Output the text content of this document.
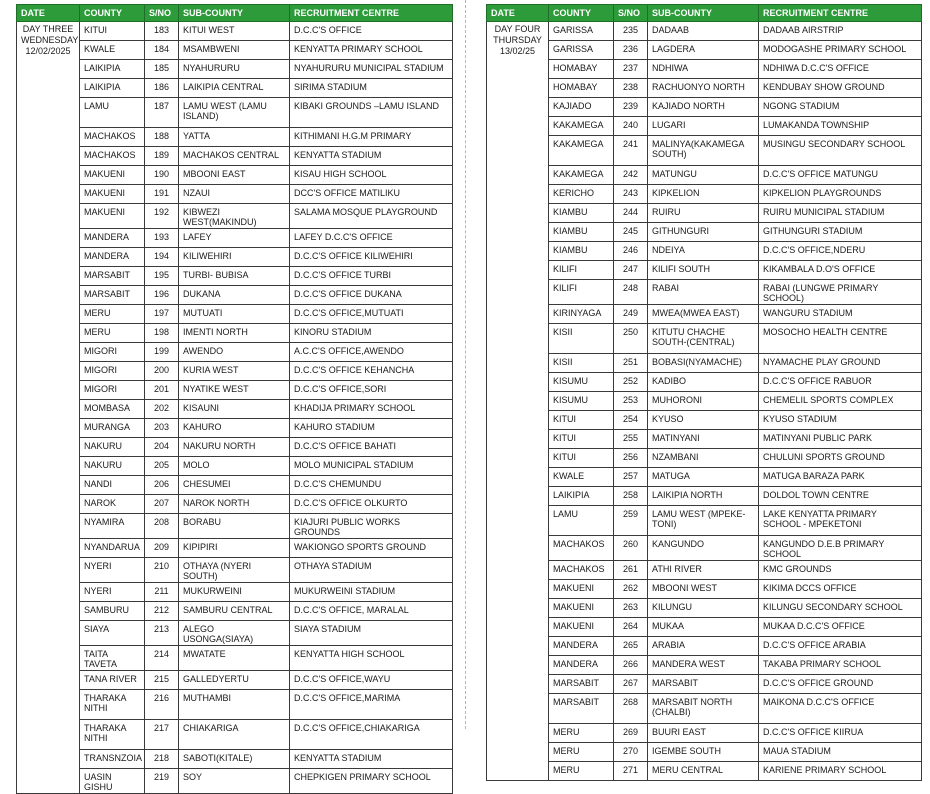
DATE	COUNTY	S/NO	SUB-COUNTY	RECRUITMENT CENTRE

DAY THREE
WEDNESDAY
12/02/2025	KITUI	183	KITUI WEST	D.C.C'S OFFICE
	KWALE	184	MSAMBWENI	KENYATTA PRIMARY SCHOOL
	LAIKIPIA	185	NYAHURURU	NYAHURURU MUNICIPAL STADIUM
	LAIKIPIA	186	LAIKIPIA CENTRAL	SIRIMA STADIUM
	LAMU	187	LAMU WEST (LAMU ISLAND)	KIBAKI GROUNDS –LAMU ISLAND
	MACHAKOS	188	YATTA	KITHIMANI H.G.M PRIMARY
	MACHAKOS	189	MACHAKOS CENTRAL	KENYATTA STADIUM
	MAKUENI	190	MBOONI EAST	KISAU HIGH SCHOOL
	MAKUENI	191	NZAUI	DCC'S OFFICE MATILIKU
	MAKUENI	192	KIBWEZI WEST(MAKINDU)	SALAMA MOSQUE PLAYGROUND
	MANDERA	193	LAFEY	LAFEY D.C.C'S OFFICE
	MANDERA	194	KILIWEHIRI	D.C.C'S OFFICE KILIWEHIRI
	MARSABIT	195	TURBI- BUBISA	D.C.C'S OFFICE TURBI
	MARSABIT	196	DUKANA	D.C.C'S OFFICE DUKANA
	MERU	197	MUTUATI	D.C.C'S OFFICE,MUTUATI
	MERU	198	IMENTI NORTH	KINORU STADIUM
	MIGORI	199	AWENDO	A.C.C'S OFFICE,AWENDO
	MIGORI	200	KURIA WEST	D.C.C'S OFFICE KEHANCHA
	MIGORI	201	NYATIKE WEST	D.C.C'S OFFICE,SORI
	MOMBASA	202	KISAUNI	KHADIJA PRIMARY SCHOOL
	MURANGA	203	KAHURO	KAHURO STADIUM
	NAKURU	204	NAKURU NORTH	D.C.C'S OFFICE BAHATI
	NAKURU	205	MOLO	MOLO MUNICIPAL STADIUM
	NANDI	206	CHESUMEI	D.C.C'S CHEMUNDU
	NAROK	207	NAROK NORTH	D.C.C'S OFFICE OLKURTO
	NYAMIRA	208	BORABU	KIAJURI PUBLIC WORKS GROUNDS
	NYANDARUA	209	KIPIPIRI	WAKIONGO SPORTS GROUND
	NYERI	210	OTHAYA (NYERI SOUTH)	OTHAYA STADIUM
	NYERI	211	MUKURWEINI	MUKURWEINI STADIUM
	SAMBURU	212	SAMBURU CENTRAL	D.C.C'S OFFICE, MARALAL
	SIAYA	213	ALEGO USONGA(SIAYA)	SIAYA STADIUM
	TAITA TAVETA	214	MWATATE	KENYATTA HIGH SCHOOL
	TANA RIVER	215	GALLEDYERTU	D.C.C'S OFFICE,WAYU
	THARAKA NITHI	216	MUTHAMBI	D.C.C'S OFFICE,MARIMA
	THARAKA NITHI	217	CHIAKARIGA	D.C.C'S OFFICE,CHIAKARIGA
	TRANSNZOIA	218	SABOTI(KITALE)	KENYATTA STADIUM
	UASIN GISHU	219	SOY	CHEPKIGEN PRIMARY SCHOOL
DATE	COUNTY	S/NO	SUB-COUNTY	RECRUITMENT CENTRE

DAY FOUR
THURSDAY
13/02/25	GARISSA	235	DADAAB	DADAAB AIRSTRIP
	GARISSA	236	LAGDERA	MODOGASHE PRIMARY SCHOOL
	HOMABAY	237	NDHIWA	NDHIWA D.C.C'S OFFICE
	HOMABAY	238	RACHUONYO NORTH	KENDUBAY SHOW GROUND
	KAJIADO	239	KAJIADO NORTH	NGONG STADIUM
	KAKAMEGA	240	LUGARI	LUMAKANDA TOWNSHIP
	KAKAMEGA	241	MALINYA(KAKAMEGA SOUTH)	MUSINGU SECONDARY SCHOOL
	KAKAMEGA	242	MATUNGU	D.C.C'S OFFICE MATUNGU
	KERICHO	243	KIPKELION	KIPKELION PLAYGROUNDS
	KIAMBU	244	RUIRU	RUIRU MUNICIPAL STADIUM
	KIAMBU	245	GITHUNGURI	GITHUNGURI STADIUM
	KIAMBU	246	NDEIYA	D.C.C'S OFFICE,NDERU
	KILIFI	247	KILIFI SOUTH	KIKAMBALA D.O'S OFFICE
	KILIFI	248	RABAI	RABAI (LUNGWE PRIMARY SCHOOL)
	KIRINYAGA	249	MWEA(MWEA EAST)	WANGURU STADIUM
	KISII	250	KITUTU CHACHE SOUTH-(CENTRAL)	MOSOCHO HEALTH CENTRE
	KISII	251	BOBASI(NYAMACHE)	NYAMACHE PLAY GROUND
	KISUMU	252	KADIBO	D.C.C'S OFFICE RABUOR
	KISUMU	253	MUHORONI	CHEMELIL SPORTS COMPLEX
	KITUI	254	KYUSO	KYUSO STADIUM
	KITUI	255	MATINYANI	MATINYANI PUBLIC PARK
	KITUI	256	NZAMBANI	CHULUNI SPORTS GROUND
	KWALE	257	MATUGA	MATUGA BARAZA PARK
	LAIKIPIA	258	LAIKIPIA NORTH	DOLDOL TOWN CENTRE
	LAMU	259	LAMU WEST (MPEKE-TONI)	LAKE KENYATTA PRIMARY SCHOOL - MPEKETONI
	MACHAKOS	260	KANGUNDO	KANGUNDO D.E.B PRIMARY SCHOOL
	MACHAKOS	261	ATHI RIVER	KMC GROUNDS
	MAKUENI	262	MBOONI WEST	KIKIMA DCCS OFFICE
	MAKUENI	263	KILUNGU	KILUNGU SECONDARY SCHOOL
	MAKUENI	264	MUKAA	MUKAA D.C.C'S OFFICE
	MANDERA	265	ARABIA	D.C.C'S OFFICE ARABIA
	MANDERA	266	MANDERA WEST	TAKABA PRIMARY SCHOOL
	MARSABIT	267	MARSABIT	D.C.C'S OFFICE GROUND
	MARSABIT	268	MARSABIT NORTH (CHALBI)	MAIKONA D.C.C'S OFFICE
	MERU	269	BUURI EAST	D.C.C'S OFFICE KIIRUA
	MERU	270	IGEMBE SOUTH	MAUA STADIUM
	MERU	271	MERU CENTRAL	KARIENE PRIMARY SCHOOL
